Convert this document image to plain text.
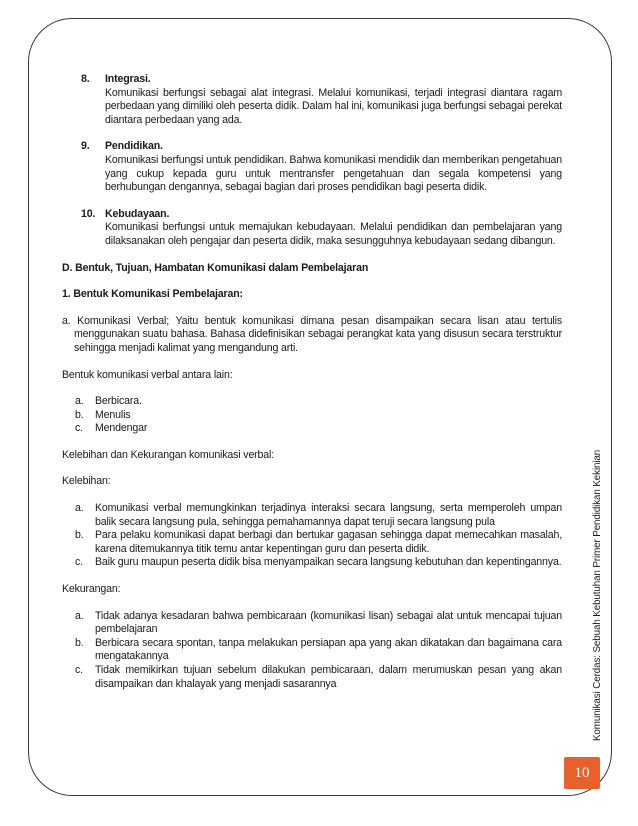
8.	Integrasi.
Komunikasi berfungsi sebagai alat integrasi. Melalui komunikasi, terjadi integrasi diantara ragam perbedaan yang dimiliki oleh peserta didik. Dalam hal ini, komunikasi juga berfungsi sebagai perekat diantara perbedaan yang ada.
9.	Pendidikan.
Komunikasi berfungsi untuk pendidikan. Bahwa komunikasi mendidik dan memberikan pengetahuan yang cukup kepada guru untuk mentransfer pengetahuan dan segala kompetensi yang berhubungan dengannya, sebagai bagian dari proses pendidikan bagi peserta didik.
10. Kebudayaan.
Komunikasi berfungsi untuk memajukan kebudayaan. Melalui pendidikan dan pembelajaran yang dilaksanakan oleh pengajar dan peserta didik, maka sesungguhnya kebudayaan sedang dibangun.
D. Bentuk, Tujuan, Hambatan Komunikasi dalam Pembelajaran
1. Bentuk Komunikasi Pembelajaran:
a. Komunikasi Verbal; Yaitu bentuk komunikasi dimana pesan disampaikan secara lisan atau tertulis menggunakan suatu bahasa. Bahasa didefinisikan sebagai perangkat kata yang disusun secara terstruktur sehingga menjadi kalimat yang mengandung arti.
Bentuk komunikasi verbal antara lain:
a.	Berbicara.
b.	Menulis
c.	Mendengar
Kelebihan dan Kekurangan komunikasi verbal:
Kelebihan:
a.	Komunikasi verbal memungkinkan terjadinya interaksi secara langsung, serta memperoleh umpan balik secara langsung pula, sehingga pemahamannya dapat teruji secara langsung pula
b.	Para pelaku komunikasi dapat berbagi dan bertukar gagasan sehingga dapat memecahkan masalah, karena ditemukannya titik temu antar kepentingan guru dan peserta didik.
c.	Baik guru maupun peserta didik bisa menyampaikan secara langsung kebutuhan dan kepentingannya.
Kekurangan:
a.	Tidak adanya kesadaran bahwa pembicaraan (komunikasi lisan) sebagai alat untuk mencapai tujuan pembelajaran
b.	Berbicara secara spontan, tanpa melakukan persiapan apa yang akan dikatakan dan bagaimana cara mengatakannya
c.	Tidak memikirkan tujuan sebelum dilakukan pembicaraan, dalam merumuskan pesan yang akan disampaikan dan khalayak yang menjadi sasarannya	Komunikasi Cerdas: Sebuah Kebutuhan Primer Pendidikan Kekinian
10
